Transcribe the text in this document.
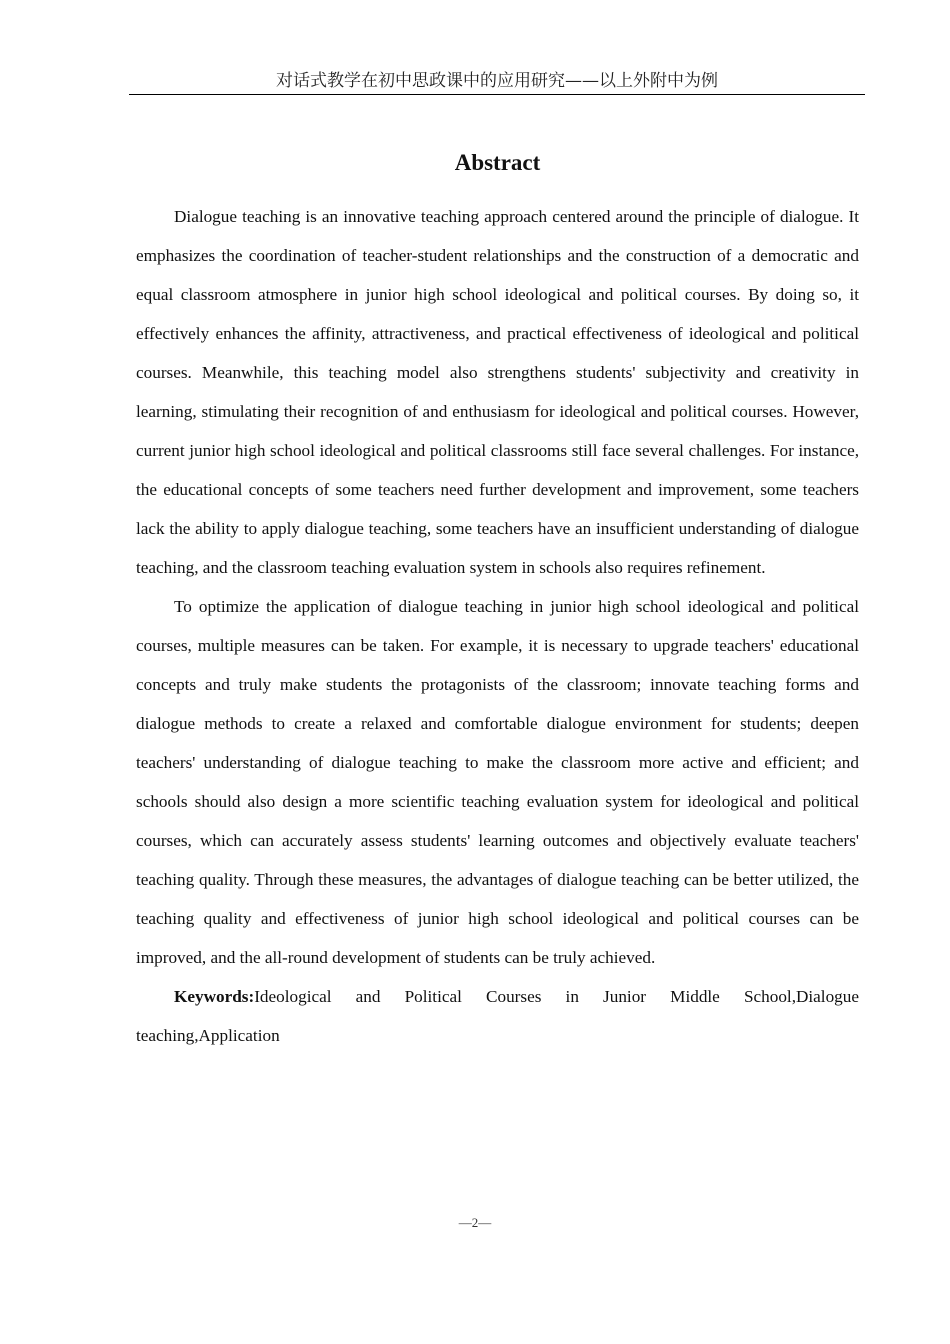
对话式教学在初中思政课中的应用研究——以上外附中为例
Abstract

Dialogue teaching is an innovative teaching approach centered around the principle of dialogue. It emphasizes the coordination of teacher-student relationships and the construction of a democratic and equal classroom atmosphere in junior high school ideological and political courses. By doing so, it effectively enhances the affinity, attractiveness, and practical effectiveness of ideological and political courses. Meanwhile, this teaching model also strengthens students' subjectivity and creativity in learning, stimulating their recognition of and enthusiasm for ideological and political courses. However, current junior high school ideological and political classrooms still face several challenges. For instance, the educational concepts of some teachers need further development and improvement, some teachers lack the ability to apply dialogue teaching, some teachers have an insufficient understanding of dialogue teaching, and the classroom teaching evaluation system in schools also requires refinement.

To optimize the application of dialogue teaching in junior high school ideological and political courses, multiple measures can be taken. For example, it is necessary to upgrade teachers' educational concepts and truly make students the protagonists of the classroom; innovate teaching forms and dialogue methods to create a relaxed and comfortable dialogue environment for students; deepen teachers' understanding of dialogue teaching to make the classroom more active and efficient; and schools should also design a more scientific teaching evaluation system for ideological and political courses, which can accurately assess students' learning outcomes and objectively evaluate teachers' teaching quality. Through these measures, the advantages of dialogue teaching can be better utilized, the teaching quality and effectiveness of junior high school ideological and political courses can be improved, and the all-round development of students can be truly achieved.

Keywords:Ideological and Political Courses in Junior Middle School,Dialogue teaching,Application

—2—
